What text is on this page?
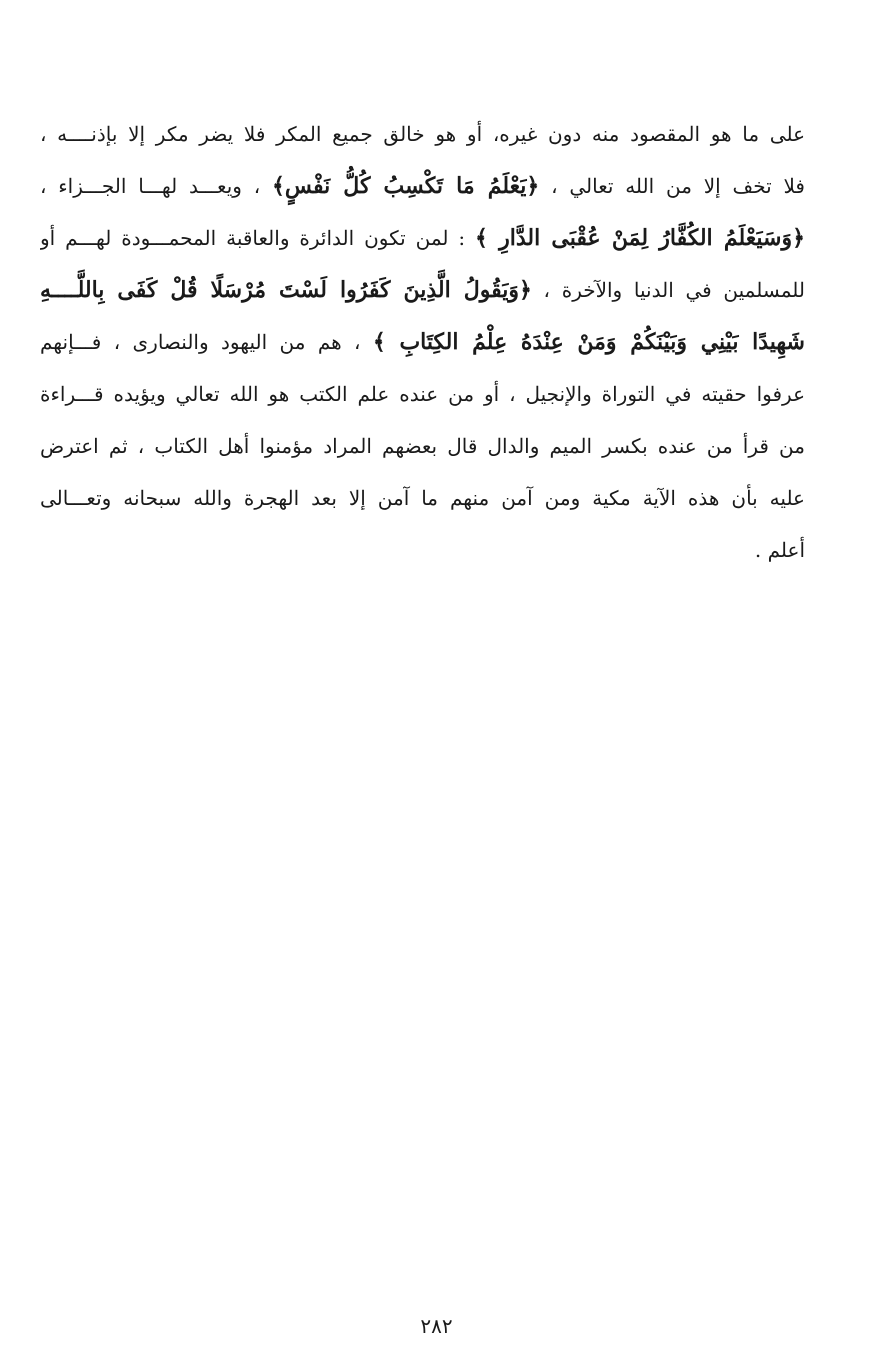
على ما هو المقصود منه دون غيره، أو هو خالق جميع المكر فلا يضر مكر إلا بإذنــــه ،
فلا تخف إلا من الله تعالي ، ﴿يَعْلَمُ مَا تَكْسِبُ كُلُّ نَفْسٍ﴾ ، ويعـــد لهـــا الجـــزاء ،
﴿وَسَيَعْلَمُ الكُفَّارُ لِمَنْ عُقْبَى الدَّارِ ﴾ : لمن تكون الدائرة والعاقبة المحمـــودة لهـــم أو
للمسلمين في الدنيا والآخرة ، ﴿وَيَقُولُ الَّذِينَ كَفَرُوا لَسْتَ مُرْسَلًا قُلْ كَفَى بِاللَّــــهِ
شَهِيدًا بَيْنِي وَبَيْنَكُمْ وَمَنْ عِنْدَهُ عِلْمُ الكِتَابِ ﴾ ، هم من اليهود والنصارى ، فـــإنهم
عرفوا حقيته في التوراة والإنجيل ، أو من عنده علم الكتب هو الله تعالي ويؤيده قـــراءة
من قرأ من عنده بكسر الميم والدال قال بعضهم المراد مؤمنوا أهل الكتاب ، ثم اعترض
عليه بأن هذه الآية مكية ومن آمن منهم ما آمن إلا بعد الهجرة والله سبحانه وتعـــالى
أعلم .
٢٨٢
